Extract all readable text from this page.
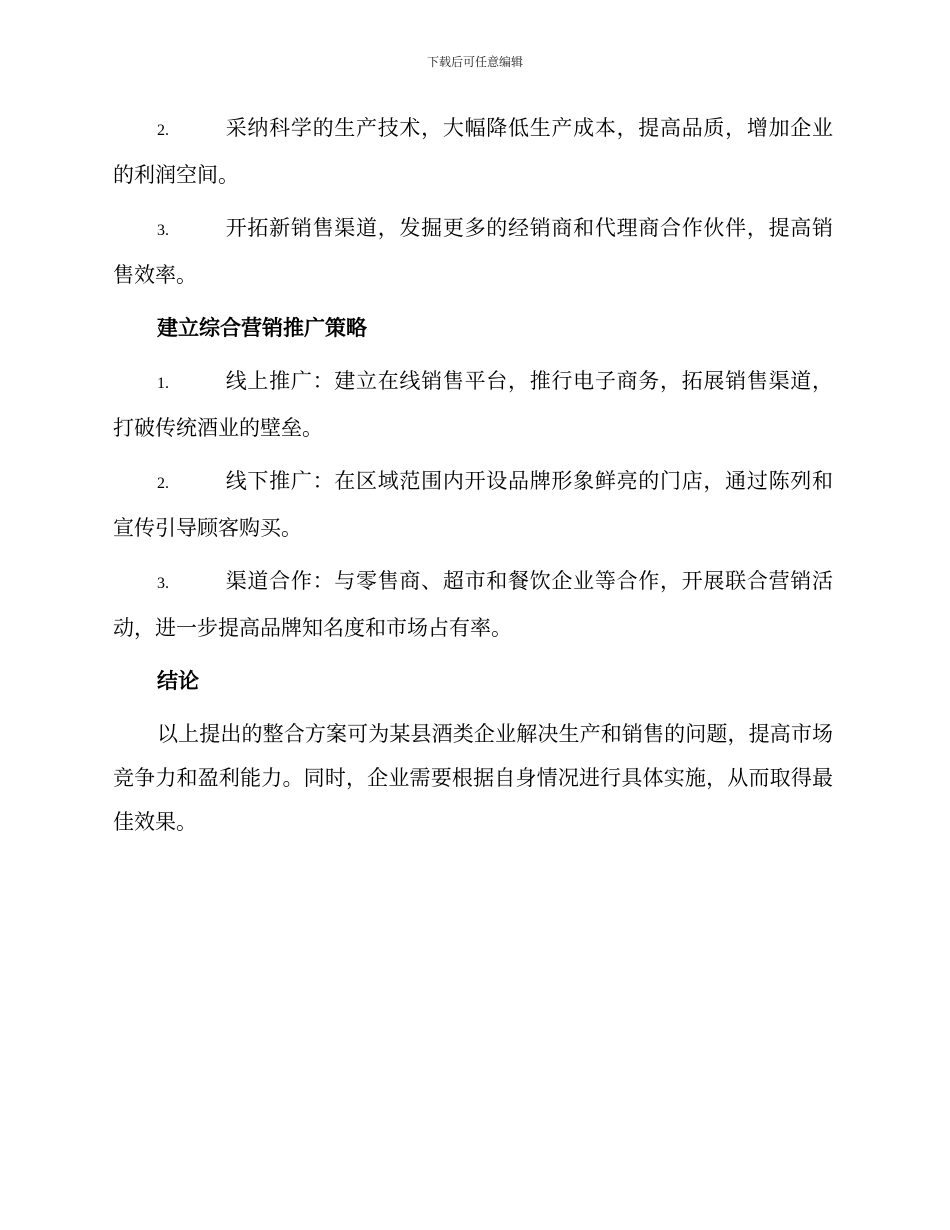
下载后可任意编辑

2.	采纳科学的生产技术，大幅降低生产成本，提高品质，增加企业的利润空间。

3.	开拓新销售渠道，发掘更多的经销商和代理商合作伙伴，提高销售效率。

建立综合营销推广策略

1.	线上推广：建立在线销售平台，推行电子商务，拓展销售渠道，打破传统酒业的壁垒。

2.	线下推广：在区域范围内开设品牌形象鲜亮的门店，通过陈列和宣传引导顾客购买。

3.	渠道合作：与零售商、超市和餐饮企业等合作，开展联合营销活动，进一步提高品牌知名度和市场占有率。

结论

以上提出的整合方案可为某县酒类企业解决生产和销售的问题，提高市场竞争力和盈利能力。同时，企业需要根据自身情况进行具体实施，从而取得最佳效果。
